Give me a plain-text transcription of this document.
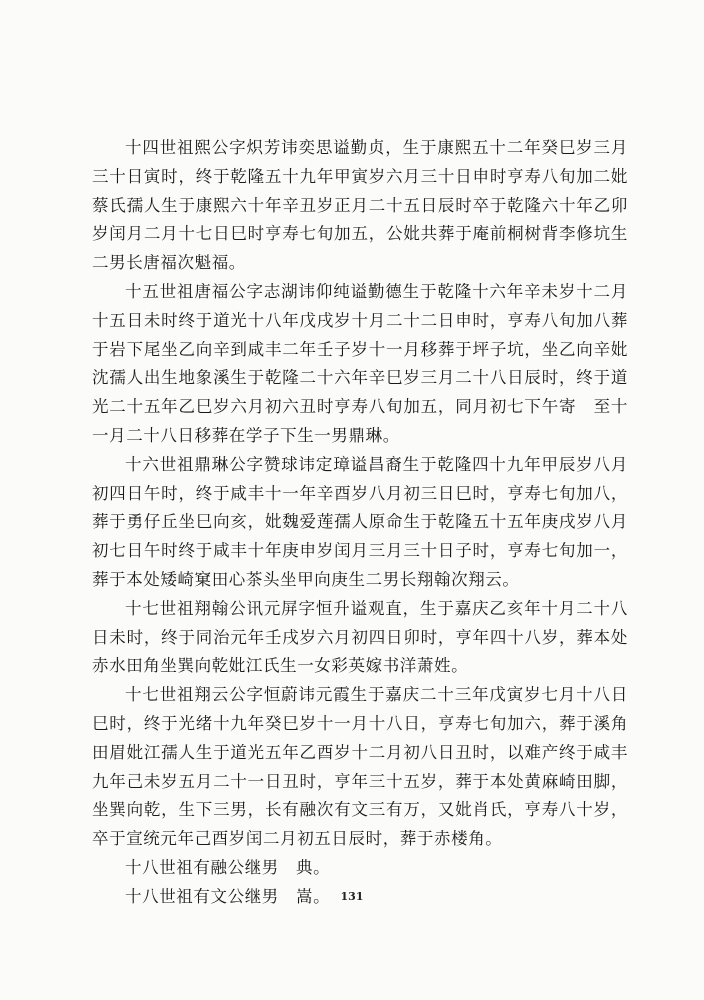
十四世祖熙公字炽芳讳奕思谥勤贞，生于康熙五十二年癸巳岁三月三十日寅时，终于乾隆五十九年甲寅岁六月三十日申时亨寿八旬加二妣蔡氏孺人生于康熙六十年辛丑岁正月二十五日辰时卒于乾隆六十年乙卯岁闰月二月十七日巳时亨寿七旬加五，公妣共葬于庵前桐树背李修坑生二男长唐福次魁福。

十五世祖唐福公字志湖讳仰纯谥勤德生于乾隆十六年辛未岁十二月十五日未时终于道光十八年戊戌岁十月二十二日申时，亨寿八旬加八葬于岩下尾坐乙向辛到咸丰二年壬子岁十一月移葬于坪子坑，坐乙向辛妣沈孺人出生地象溪生于乾隆二十六年辛巳岁三月二十八日辰时，终于道光二十五年乙巳岁六月初六丑时亨寿八旬加五，同月初七下午寄　至十一月二十八日移葬在学子下生一男鼎琳。

十六世祖鼎琳公字赞球讳定璋谥昌裔生于乾隆四十九年甲辰岁八月初四日午时，终于咸丰十一年辛酉岁八月初三日巳时，亨寿七旬加八，葬于勇仔丘坐巳向亥，妣魏爱莲孺人原命生于乾隆五十五年庚戌岁八月初七日午时终于咸丰十年庚申岁闰月三月三十日子时，亨寿七旬加一，葬于本处矮崎窠田心茶头坐甲向庚生二男长翔翰次翔云。

十七世祖翔翰公讯元屏字恒升谥观直，生于嘉庆乙亥年十月二十八日未时，终于同治元年壬戌岁六月初四日卯时，亨年四十八岁，葬本处赤水田角坐巽向乾妣江氏生一女彩英嫁书洋萧姓。

十七世祖翔云公字恒蔚讳元霞生于嘉庆二十三年戊寅岁七月十八日巳时，终于光绪十九年癸巳岁十一月十八日，亨寿七旬加六，葬于溪角田眉妣江孺人生于道光五年乙酉岁十二月初八日丑时，以难产终于咸丰九年己未岁五月二十一日丑时，亨年三十五岁，葬于本处黄麻崎田脚，坐巽向乾，生下三男，长有融次有文三有万，又妣肖氏，亨寿八十岁，卒于宣统元年己酉岁闰二月初五日辰时，葬于赤楼角。

十八世祖有融公继男　典。

十八世祖有文公继男　嵩。 131
